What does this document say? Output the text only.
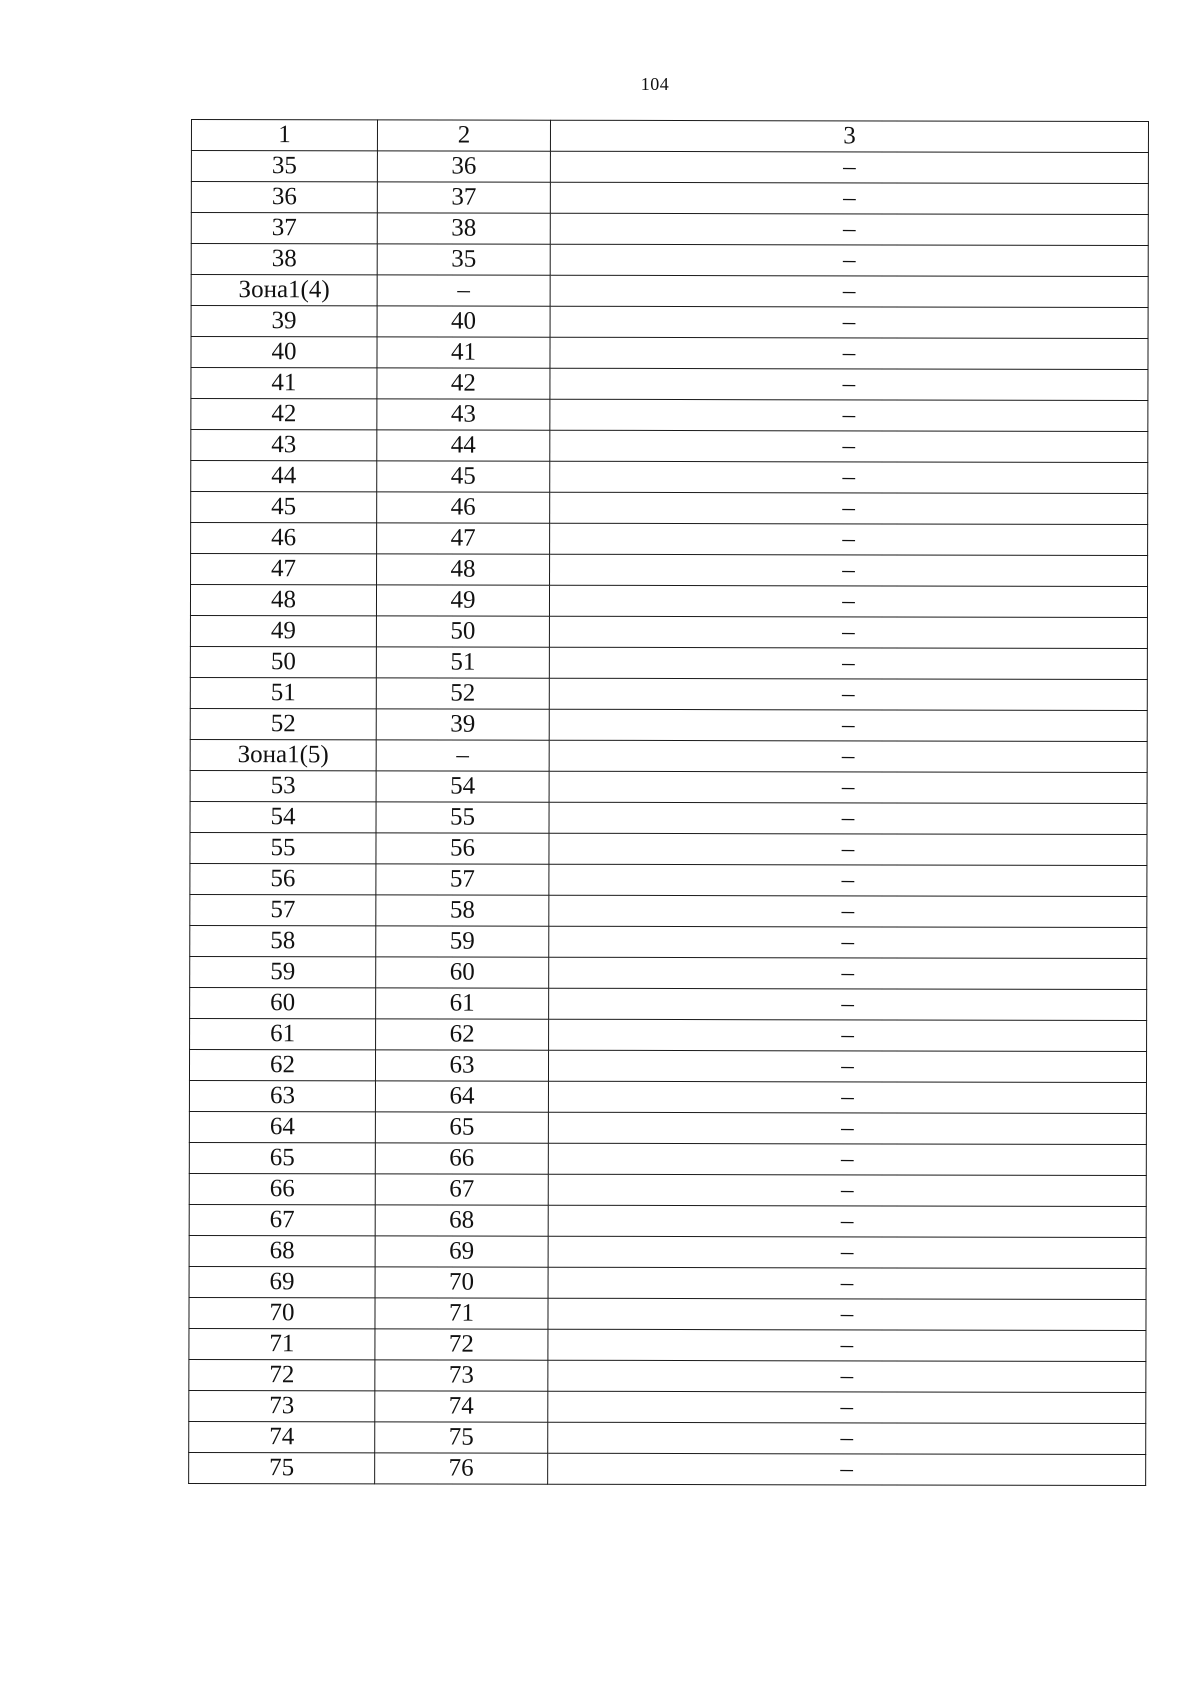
104
1	2	3
35	36	–
36	37	–
37	38	–
38	35	–
Зона1(4)	–	–
39	40	–
40	41	–
41	42	–
42	43	–
43	44	–
44	45	–
45	46	–
46	47	–
47	48	–
48	49	–
49	50	–
50	51	–
51	52	–
52	39	–
Зона1(5)	–	–
53	54	–
54	55	–
55	56	–
56	57	–
57	58	–
58	59	–
59	60	–
60	61	–
61	62	–
62	63	–
63	64	–
64	65	–
65	66	–
66	67	–
67	68	–
68	69	–
69	70	–
70	71	–
71	72	–
72	73	–
73	74	–
74	75	–
75	76	–
